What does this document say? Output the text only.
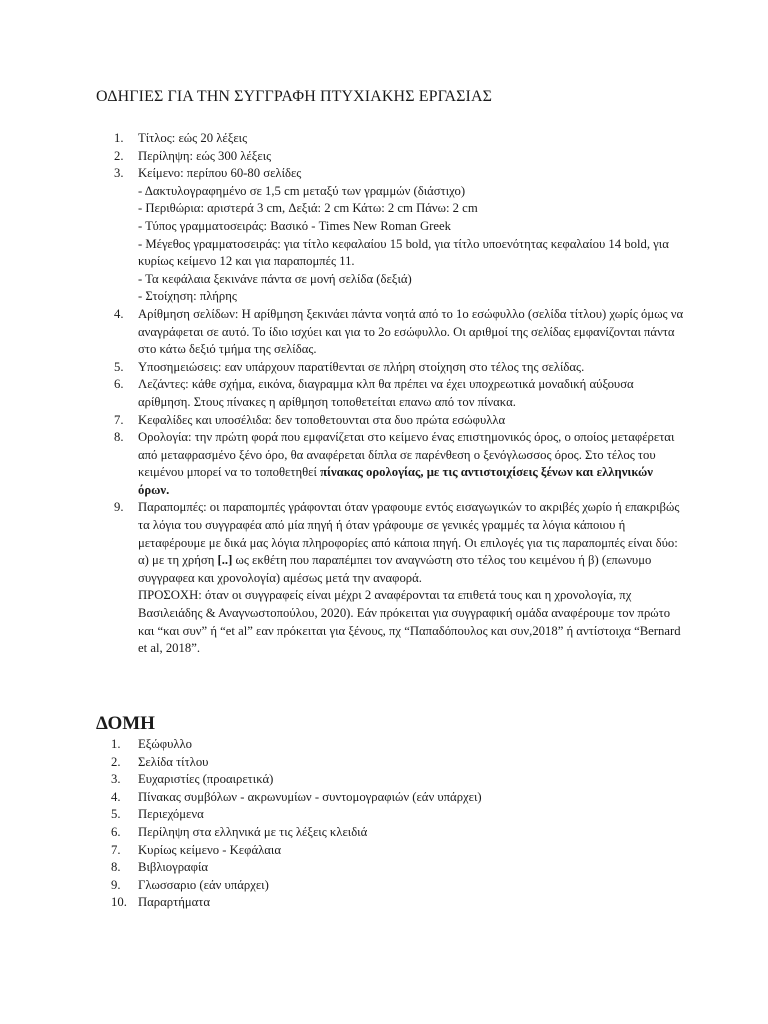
ΟΔΗΓΙΕΣ ΓΙΑ ΤΗΝ ΣΥΓΓΡΑΦΗ ΠΤΥΧΙΑΚΗΣ ΕΡΓΑΣΙΑΣ
1.	Τίτλος: εώς 20 λέξεις
2.	Περίληψη: εώς 300 λέξεις
3.	Κείμενο: περίπου 60-80 σελίδες
- Δακτυλογραφημένο σε 1,5 cm μεταξύ των γραμμών (διάστιχο)
- Περιθώρια: αριστερά 3 cm, Δεξιά: 2 cm Κάτω: 2 cm Πάνω: 2 cm
- Τύπος γραμματοσειράς: Βασικό - Times New Roman Greek
- Μέγεθος γραμματοσειράς: για τίτλο κεφαλαίου 15 bold, για τίτλο υποενότητας κεφαλαίου 14 bold, για κυρίως κείμενο 12 και για παραπομπές 11.
- Τα κεφάλαια ξεκινάνε πάντα σε μονή σελίδα (δεξιά)
- Στοίχηση: πλήρης
4.	Αρίθμηση σελίδων: Η αρίθμηση ξεκινάει πάντα νοητά από το 1ο εσώφυλλο (σελίδα τίτλου) χωρίς όμως να αναγράφεται σε αυτό. Το ίδιο ισχύει και για το 2ο εσώφυλλο. Οι αριθμοί της σελίδας εμφανίζονται πάντα στο κάτω δεξιό τμήμα της σελίδας.
5.	Υποσημειώσεις: εαν υπάρχουν παρατίθενται σε πλήρη στοίχηση στο τέλος της σελίδας.
6.	Λεζάντες: κάθε σχήμα, εικόνα, διαγραμμα κλπ θα πρέπει να έχει υποχρεωτικά μοναδική αύξουσα αρίθμηση. Στους πίνακες η αρίθμηση τοποθετείται επανω από τον πίνακα.
7.	Κεφαλίδες και υποσέλιδα: δεν τοποθετουνται στα δυο πρώτα εσώφυλλα
8.	Ορολογία: την πρώτη φορά που εμφανίζεται στο κείμενο ένας επιστημονικός όρος, ο οποίος μεταφέρεται από μεταφρασμένο ξένο όρο, θα αναφέρεται δίπλα σε παρένθεση ο ξενόγλωσσος όρος. Στο τέλος του κειμένου μπορεί να το τοποθετηθεί πίνακας ορολογίας, με τις αντιστοιχίσεις ξένων και ελληνικών όρων.
9.	Παραπομπές: οι παραπομπές γράφονται όταν γραφουμε εντός εισαγωγικών το ακριβές χωρίο ή επακριβώς τα λόγια του συγγραφέα από μία πηγή ή όταν γράφουμε σε γενικές γραμμές τα λόγια κάποιου ή μεταφέρουμε με δικά μας λόγια πληροφορίες από κάποια πηγή. Οι επιλογές για τις παραπομπές είναι δύο: α) με τη χρήση [..] ως εκθέτη που παραπέμπει τον αναγνώστη στο τέλος του κειμένου ή β) (επωνυμο συγγραφεα και χρονολογία) αμέσως μετά την αναφορά.
ΠΡΟΣΟΧΗ: όταν οι συγγραφείς είναι μέχρι 2 αναφέρονται τα επιθετά τους και η χρονολογία, πχ Βασιλειάδης & Αναγνωστοπούλου, 2020). Εάν πρόκειται για συγγραφική ομάδα αναφέρουμε τον πρώτο και “και συν” ή “et al” εαν πρόκειται για ξένους, πχ “Παπαδόπουλος και συν,2018” ή αντίστοιχα “Bernard et al, 2018”.
ΔΟΜΗ
1.	Εξώφυλλο
2.	Σελίδα τίτλου
3.	Ευχαριστίες (προαιρετικά)
4.	Πίνακας συμβόλων - ακρωνυμίων - συντομογραφιών (εάν υπάρχει)
5.	Περιεχόμενα
6.	Περίληψη στα ελληνικά με τις λέξεις κλειδιά
7.	Κυρίως κείμενο - Κεφάλαια
8.	Βιβλιογραφία
9.	Γλωσσαριο (εάν υπάρχει)
10. Παραρτήματα
